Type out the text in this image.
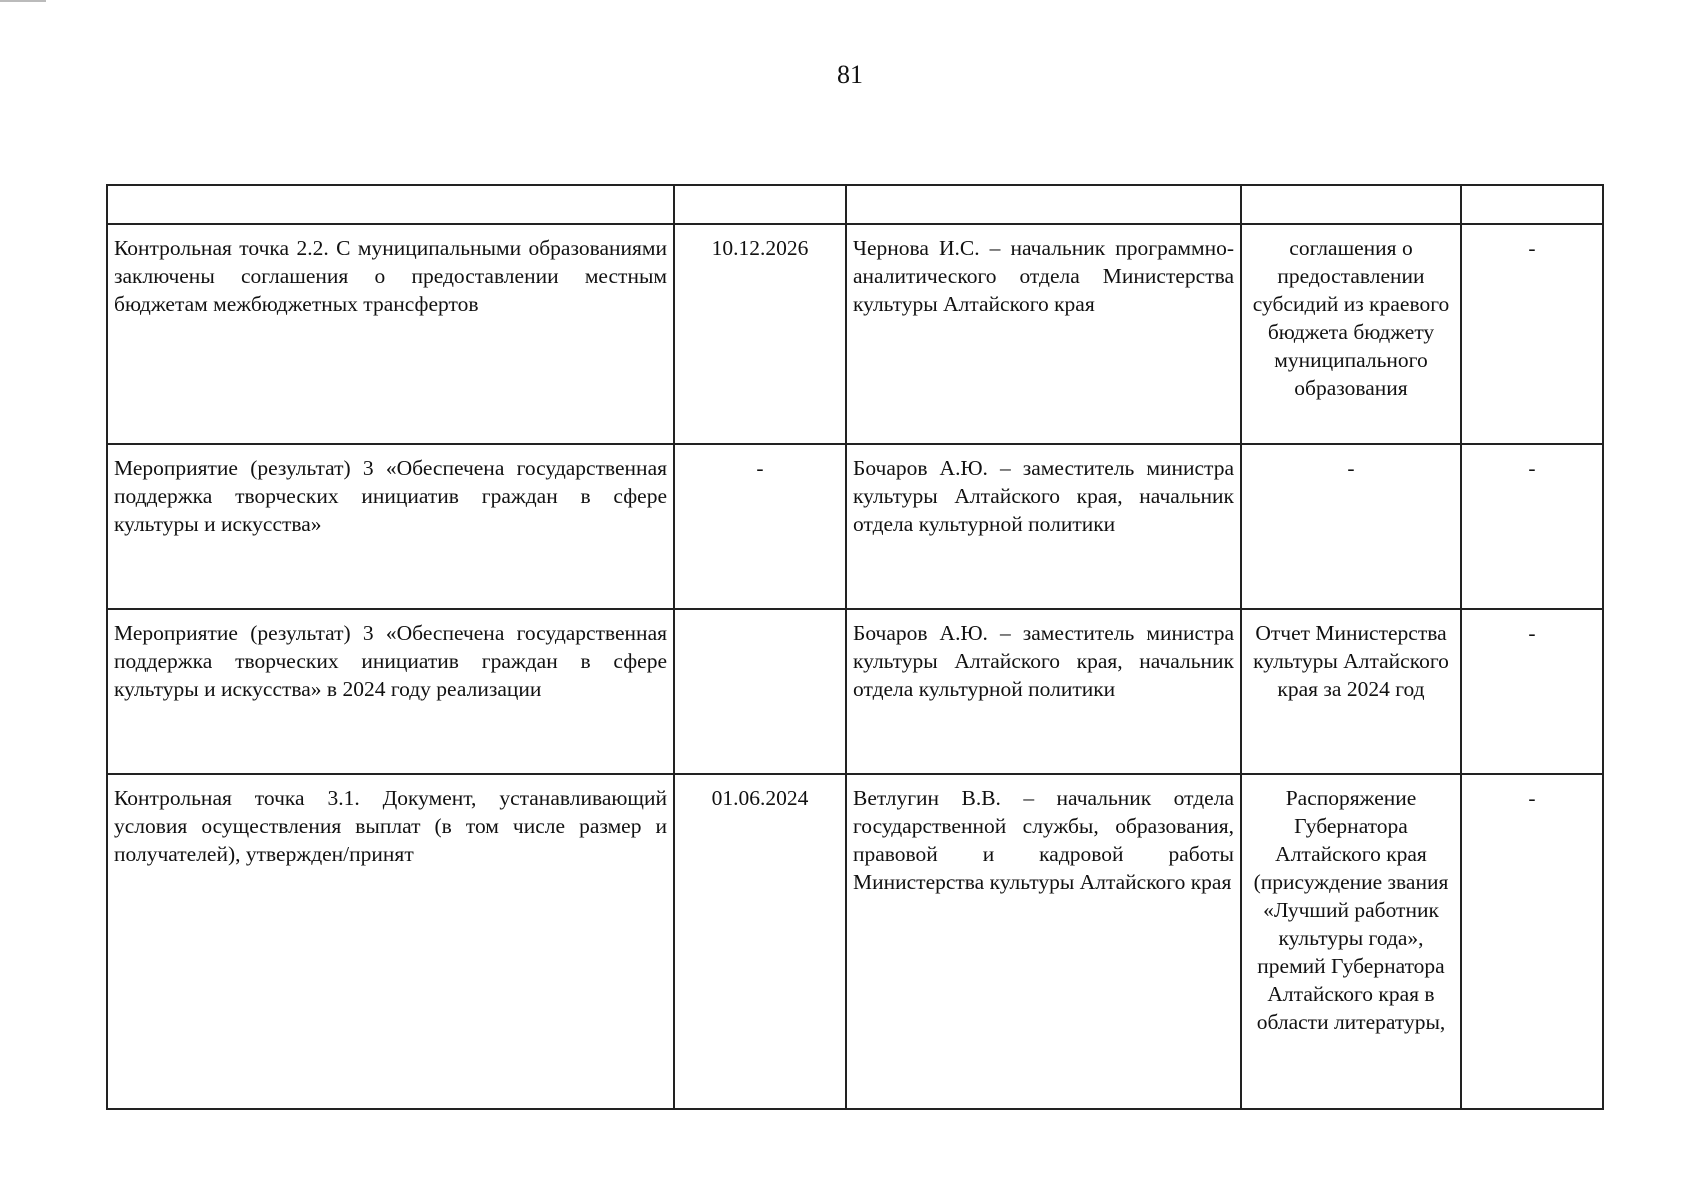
81

Контрольная точка 2.2. С муниципальными образованиями заключены соглашения о предоставлении местным бюджетам межбюджетных трансфертов	10.12.2026	Чернова И.С. – начальник программно-аналитического отдела Министерства культуры Алтайского края	соглашения о предоставлении субсидий из краевого бюджета бюджету муниципального образования	-
Мероприятие (результат) 3 «Обеспечена государственная поддержка творческих инициатив граждан в сфере культуры и искусства»	-	Бочаров А.Ю. – заместитель министра культуры Алтайского края, начальник отдела культурной политики	-	-
Мероприятие (результат) 3 «Обеспечена государственная поддержка творческих инициатив граждан в сфере культуры и искусства» в 2024 году реализации		Бочаров А.Ю. – заместитель министра культуры Алтайского края, начальник отдела культурной политики	Отчет Министерства культуры Алтайского края за 2024 год	-
Контрольная точка 3.1. Документ, устанавливающий условия осуществления выплат (в том числе размер и получателей), утвержден/принят	01.06.2024	Ветлугин В.В. – начальник отдела государственной службы, образования, правовой и кадровой работы Министерства культуры Алтайского края	Распоряжение Губернатора Алтайского края (присуждение звания «Лучший работник культуры года», премий Губернатора Алтайского края в области литературы,	-
